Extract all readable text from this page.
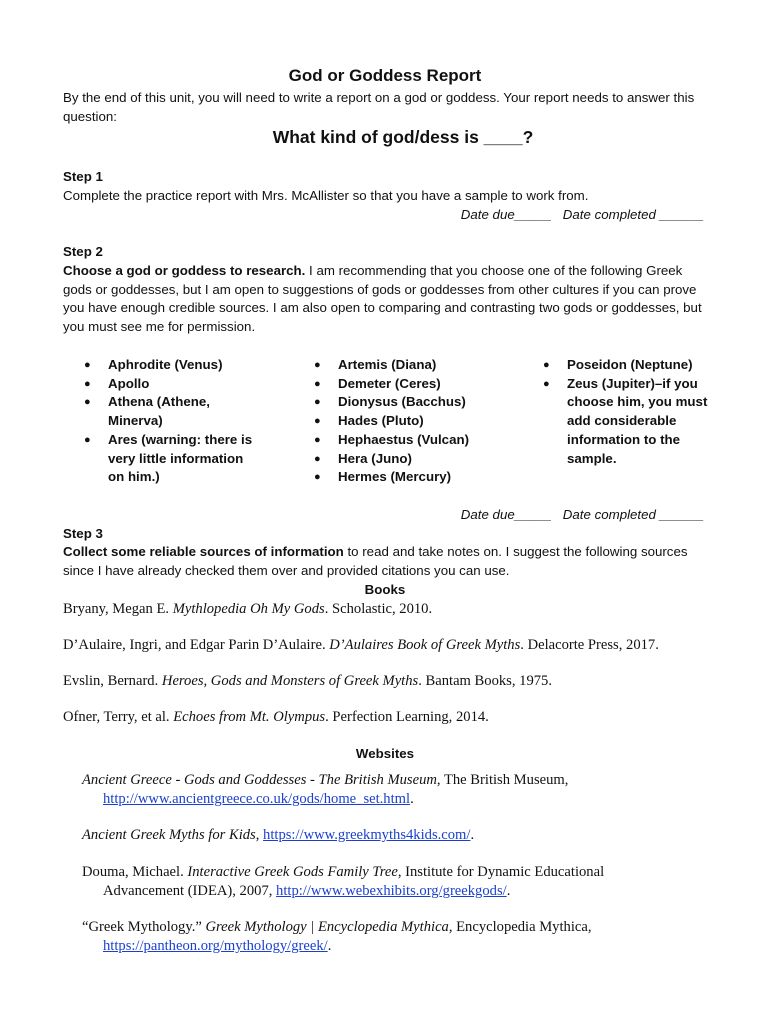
God or Goddess Report
By the end of this unit, you will need to write a report on a god or goddess. Your report needs to answer this question:
What kind of god/dess is ____?
Step 1
Complete the practice report with Mrs. McAllister so that you have a sample to work from.
Date due_____   Date completed ______
Step 2
Choose a god or goddess to research. I am recommending that you choose one of the following Greek gods or goddesses, but I am open to suggestions of gods or goddesses from other cultures if you can prove you have enough credible sources. I am also open to comparing and contrasting two gods or goddesses, but you must see me for permission.
● Aphrodite (Venus)
● Apollo
● Athena (Athene, Minerva)
● Ares (warning: there is very little information on him.)
● Artemis (Diana)
● Demeter (Ceres)
● Dionysus (Bacchus)
● Hades (Pluto)
● Hephaestus (Vulcan)
● Hera (Juno)
● Hermes (Mercury)
● Poseidon (Neptune)
● Zeus (Jupiter)–if you choose him, you must add considerable information to the sample.
Date due_____   Date completed ______
Step 3
Collect some reliable sources of information to read and take notes on. I suggest the following sources since I have already checked them over and provided citations you can use.
Books
Bryany, Megan E. Mythlopedia Oh My Gods. Scholastic, 2010.
D’Aulaire, Ingri, and Edgar Parin D’Aulaire. D’Aulaires Book of Greek Myths. Delacorte Press, 2017.
Evslin, Bernard. Heroes, Gods and Monsters of Greek Myths. Bantam Books, 1975.
Ofner, Terry, et al. Echoes from Mt. Olympus. Perfection Learning, 2014.
Websites
Ancient Greece - Gods and Goddesses - The British Museum, The British Museum,
http://www.ancientgreece.co.uk/gods/home_set.html.
Ancient Greek Myths for Kids, https://www.greekmyths4kids.com/.
Douma, Michael. Interactive Greek Gods Family Tree, Institute for Dynamic Educational
Advancement (IDEA), 2007, http://www.webexhibits.org/greekgods/.
“Greek Mythology.” Greek Mythology | Encyclopedia Mythica, Encyclopedia Mythica,
https://pantheon.org/mythology/greek/.
